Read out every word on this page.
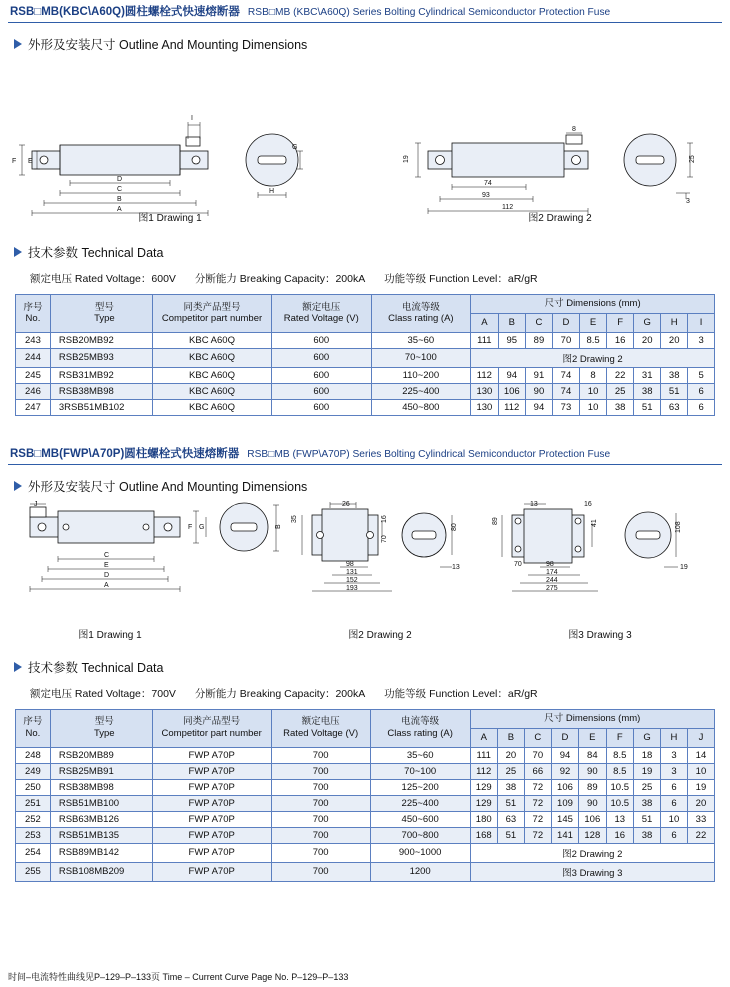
RSB□MB(KBC\A60Q)圆柱螺栓式快速熔断器 RSB□MB (KBC\A60Q) Series Bolting Cylindrical Semiconductor Protection Fuse
外形及安装尺寸 Outline And Mounting Dimensions
F E
I
D
C
B
A
G
H
8
19
74
93
112
25
3
图1 Drawing 1	图2 Drawing 2
技术参数 Technical Data
额定电压 Rated Voltage：600V 分断能力 Breaking Capacity：200kA 功能等级 Function Level：aR/gR
序号
No.	型号
Type	同类产品型号
Competitor part number	额定电压
Rated Voltage (V)	电流等级
Class rating (A)	尺寸 Dimensions (mm)								
					A	B	C	D	E	F	G	H	I
243	RSB20MB92	KBC A60Q	600	35~60	111	95	89	70	8.5	16	20	20	3
244	RSB25MB93	KBC A60Q	600	70~100	图2 Drawing 2								
245	RSB31MB92	KBC A60Q	600	110~200	112	94	91	74	8	22	31	38	5
246	RSB38MB98	KBC A60Q	600	225~400	130	106	90	74	10	25	38	51	6
247	3RSB51MB102	KBC A60Q	600	450~800	130	112	94	73	10	38	51	63	6
RSB□MB(FWP\A70P)圆柱螺栓式快速熔断器 RSB□MB (FWP\A70P) Series Bolting Cylindrical Semiconductor Protection Fuse
外形及安装尺寸 Outline And Mounting Dimensions
J
F G	B
C
E
D
A
26
35	16
70
98
131
152
193
80
13
13	16
89	41
98
174
244
275
70
108
19
图1 Drawing 1	图2 Drawing 2	图3 Drawing 3
技术参数 Technical Data
额定电压 Rated Voltage：700V 分断能力 Breaking Capacity：200kA 功能等级 Function Level：aR/gR
序号
No.	型号
Type	同类产品型号
Competitor part number	额定电压
Rated Voltage (V)	电流等级
Class rating (A)	尺寸 Dimensions (mm)								
					A	B	C	D	E	F	G	H	J
248	RSB20MB89	FWP A70P	700	35~60	111	20	70	94	84	8.5	18	3	14
249	RSB25MB91	FWP A70P	700	70~100	112	25	66	92	90	8.5	19	3	10
250	RSB38MB98	FWP A70P	700	125~200	129	38	72	106	89	10.5	25	6	19
251	RSB51MB100	FWP A70P	700	225~400	129	51	72	109	90	10.5	38	6	20
252	RSB63MB126	FWP A70P	700	450~600	180	63	72	145	106	13	51	10	33
253	RSB51MB135	FWP A70P	700	700~800	168	51	72	141	128	16	38	6	22
254	RSB89MB142	FWP A70P	700	900~1000	图2 Drawing 2								
255	RSB108MB209	FWP A70P	700	1200	图3 Drawing 3								
时间–电流特性曲线见P–129–P–133页 Time – Current Curve Page No. P–129–P–133
